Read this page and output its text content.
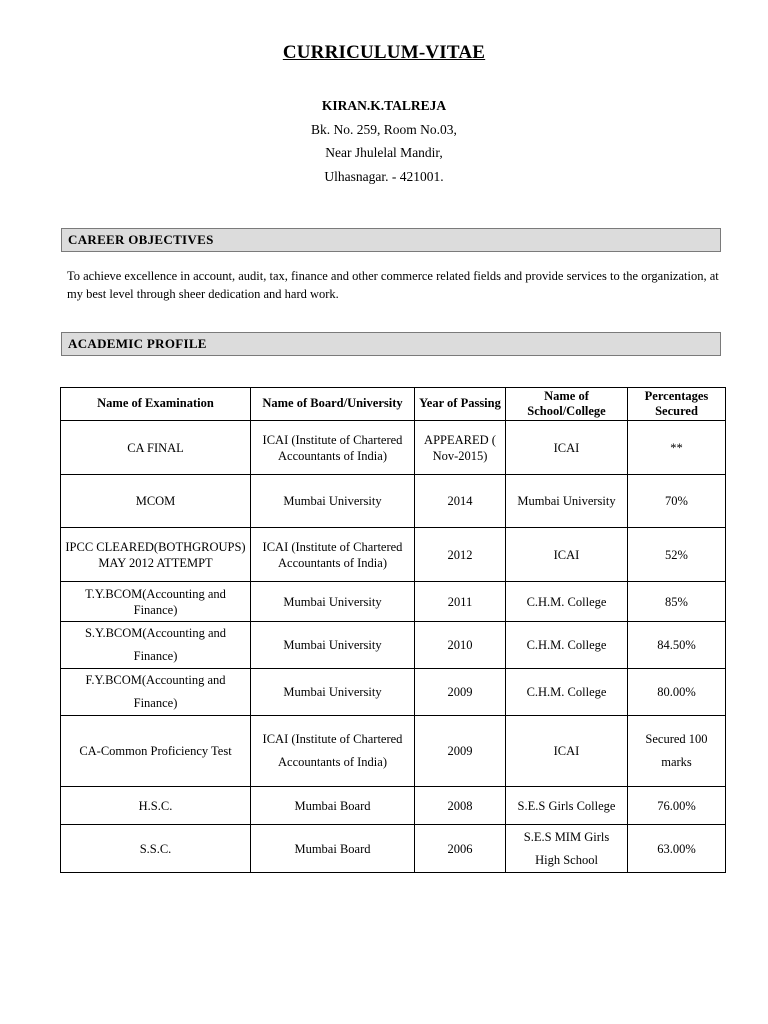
CURRICULUM-VITAE
KIRAN.K.TALREJA
Bk. No. 259, Room No.03,
Near Jhulelal Mandir,
Ulhasnagar. - 421001.
CAREER OBJECTIVES
To achieve excellence in account, audit, tax, finance and other commerce related fields and provide services to the organization, at my best level through sheer dedication and hard work.
ACADEMIC PROFILE
Name of Examination	Name of Board/University	Year of Passing	Name of School/College	Percentages Secured
CA FINAL	ICAI (Institute of Chartered Accountants of India)	APPEARED ( Nov-2015)	ICAI	**
MCOM	Mumbai University	2014	Mumbai University	70%
IPCC CLEARED(BOTHGROUPS) MAY 2012 ATTEMPT	ICAI (Institute of Chartered Accountants of India)	2012	ICAI	52%
T.Y.BCOM(Accounting and Finance)	Mumbai University	2011	C.H.M. College	85%
S.Y.BCOM(Accounting and Finance)	Mumbai University	2010	C.H.M. College	84.50%
F.Y.BCOM(Accounting and Finance)	Mumbai University	2009	C.H.M. College	80.00%
CA-Common Proficiency Test	ICAI (Institute of Chartered Accountants of India)	2009	ICAI	Secured 100 marks
H.S.C.	Mumbai Board	2008	S.E.S Girls College	76.00%
S.S.C.	Mumbai Board	2006	S.E.S MIM Girls High School	63.00%
